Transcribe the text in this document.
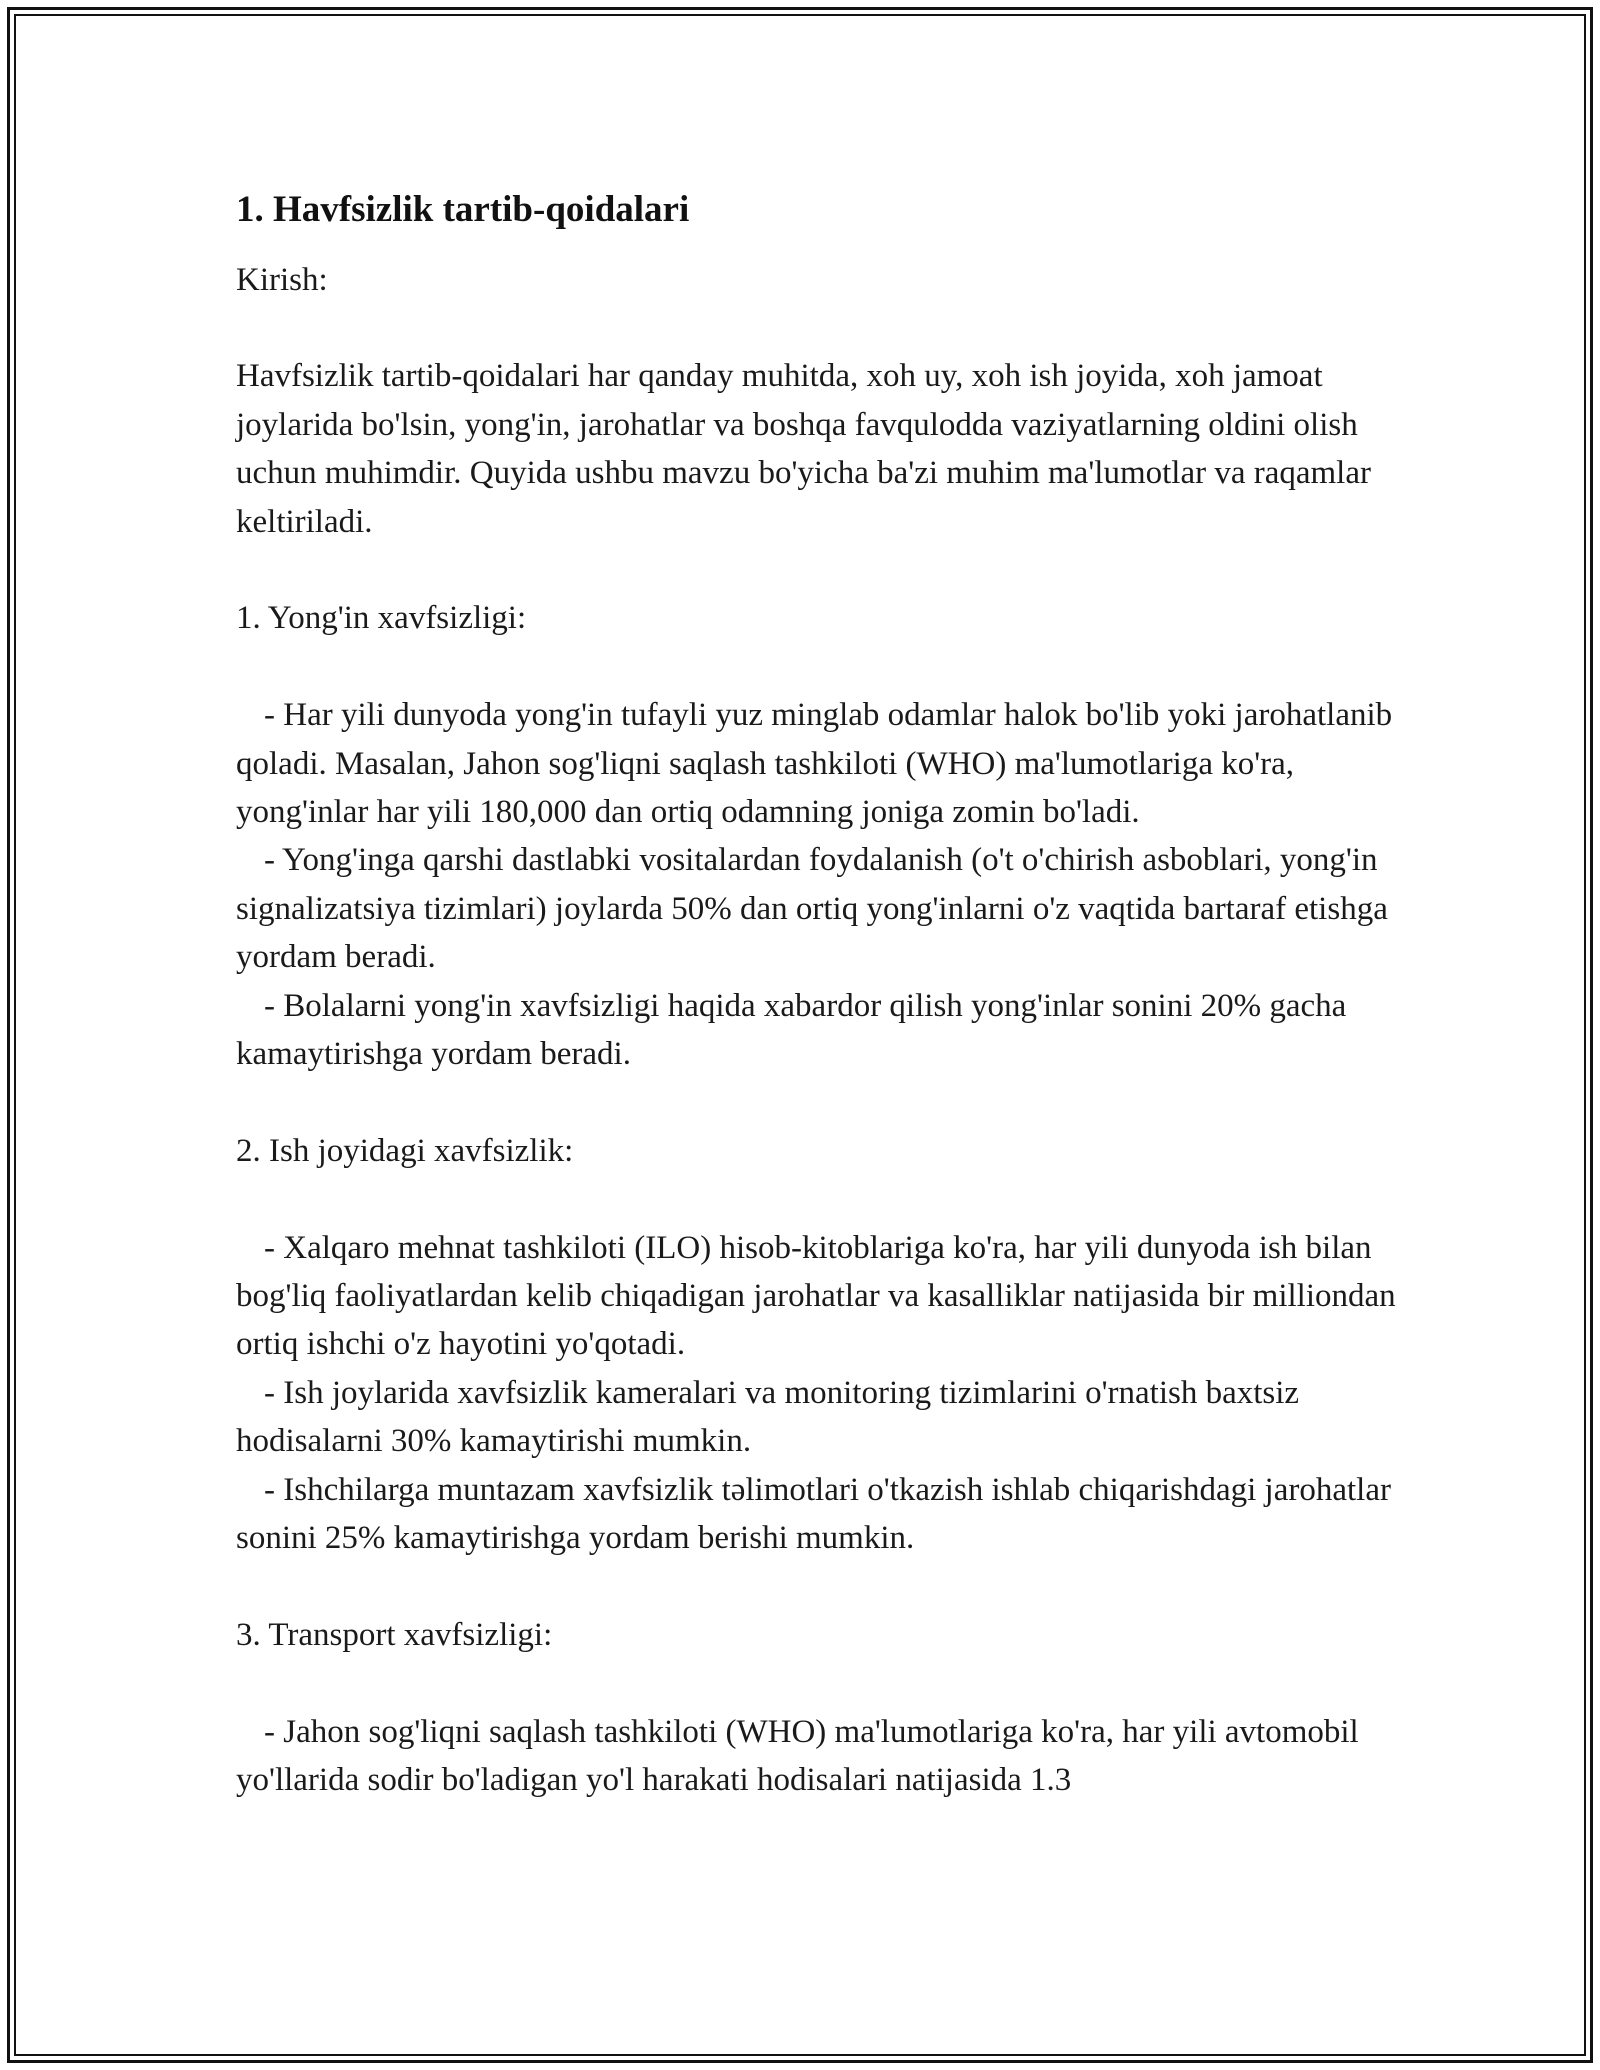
1. Havfsizlik tartib-qoidalari

Kirish:

Havfsizlik tartib-qoidalari har qanday muhitda, xoh uy, xoh ish joyida, xoh jamoat joylarida bo'lsin, yong'in, jarohatlar va boshqa favqulodda vaziyatlarning oldini olish uchun muhimdir. Quyida ushbu mavzu bo'yicha ba'zi muhim ma'lumotlar va raqamlar keltiriladi.

1. Yong'in xavfsizligi:

- Har yili dunyoda yong'in tufayli yuz minglab odamlar halok bo'lib yoki jarohatlanib qoladi. Masalan, Jahon sog'liqni saqlash tashkiloti (WHO) ma'lumotlariga ko'ra, yong'inlar har yili 180,000 dan ortiq odamning joniga zomin bo'ladi.

- Yong'inga qarshi dastlabki vositalardan foydalanish (o't o'chirish asboblari, yong'in signalizatsiya tizimlari) joylarda 50% dan ortiq yong'inlarni o'z vaqtida bartaraf etishga yordam beradi.

- Bolalarni yong'in xavfsizligi haqida xabardor qilish yong'inlar sonini 20% gacha kamaytirishga yordam beradi.

2. Ish joyidagi xavfsizlik:

- Xalqaro mehnat tashkiloti (ILO) hisob-kitoblariga ko'ra, har yili dunyoda ish bilan bog'liq faoliyatlardan kelib chiqadigan jarohatlar va kasalliklar natijasida bir milliondan ortiq ishchi o'z hayotini yo'qotadi.

- Ish joylarida xavfsizlik kameralari va monitoring tizimlarini o'rnatish baxtsiz hodisalarni 30% kamaytirishi mumkin.

- Ishchilarga muntazam xavfsizlik təlimotlari o'tkazish ishlab chiqarishdagi jarohatlar sonini 25% kamaytirishga yordam berishi mumkin.

3. Transport xavfsizligi:

- Jahon sog'liqni saqlash tashkiloti (WHO) ma'lumotlariga ko'ra, har yili avtomobil yo'llarida sodir bo'ladigan yo'l harakati hodisalari natijasida 1.3
